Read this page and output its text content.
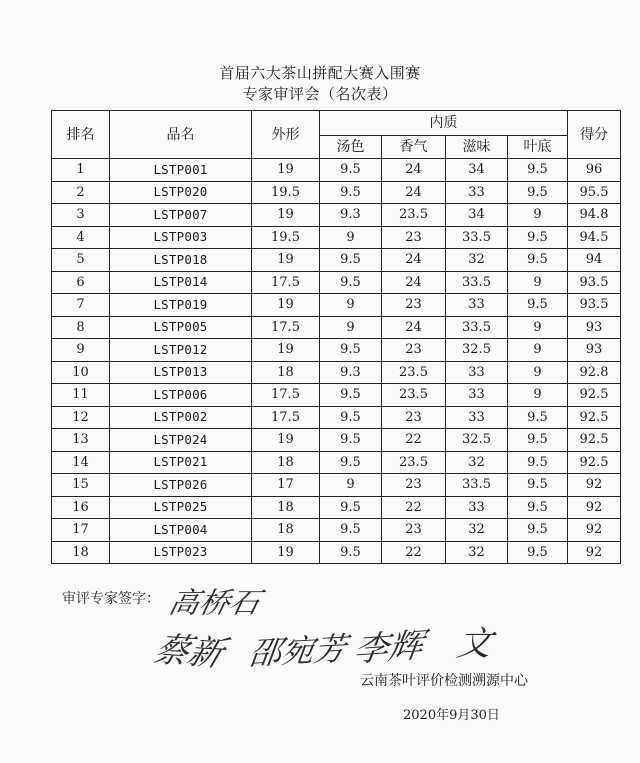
首届六大茶山拼配大赛入围赛
专家审评会（名次表）
排名	品名	外形	内质				得分
			汤色	香气	滋味	叶底	
1	LSTP001	19	9.5	24	34	9.5	96
2	LSTP020	19.5	9.5	24	33	9.5	95.5
3	LSTP007	19	9.3	23.5	34	9	94.8
4	LSTP003	19.5	9	23	33.5	9.5	94.5
5	LSTP018	19	9.5	24	32	9.5	94
6	LSTP014	17.5	9.5	24	33.5	9	93.5
7	LSTP019	19	9	23	33	9.5	93.5
8	LSTP005	17.5	9	24	33.5	9	93
9	LSTP012	19	9.5	23	32.5	9	93
10	LSTP013	18	9.3	23.5	33	9	92.8
11	LSTP006	17.5	9.5	23.5	33	9	92.5
12	LSTP002	17.5	9.5	23	33	9.5	92.5
13	LSTP024	19	9.5	22	32.5	9.5	92.5
14	LSTP021	18	9.5	23.5	32	9.5	92.5
15	LSTP026	17	9	23	33.5	9.5	92
16	LSTP025	18	9.5	22	33	9.5	92
17	LSTP004	18	9.5	23	32	9.5	92
18	LSTP023	19	9.5	22	32	9.5	92
审评专家签字： 高桥石
蔡新 邵宛芳 李辉 文
云南茶叶评价检测溯源中心
2020年9月30日
